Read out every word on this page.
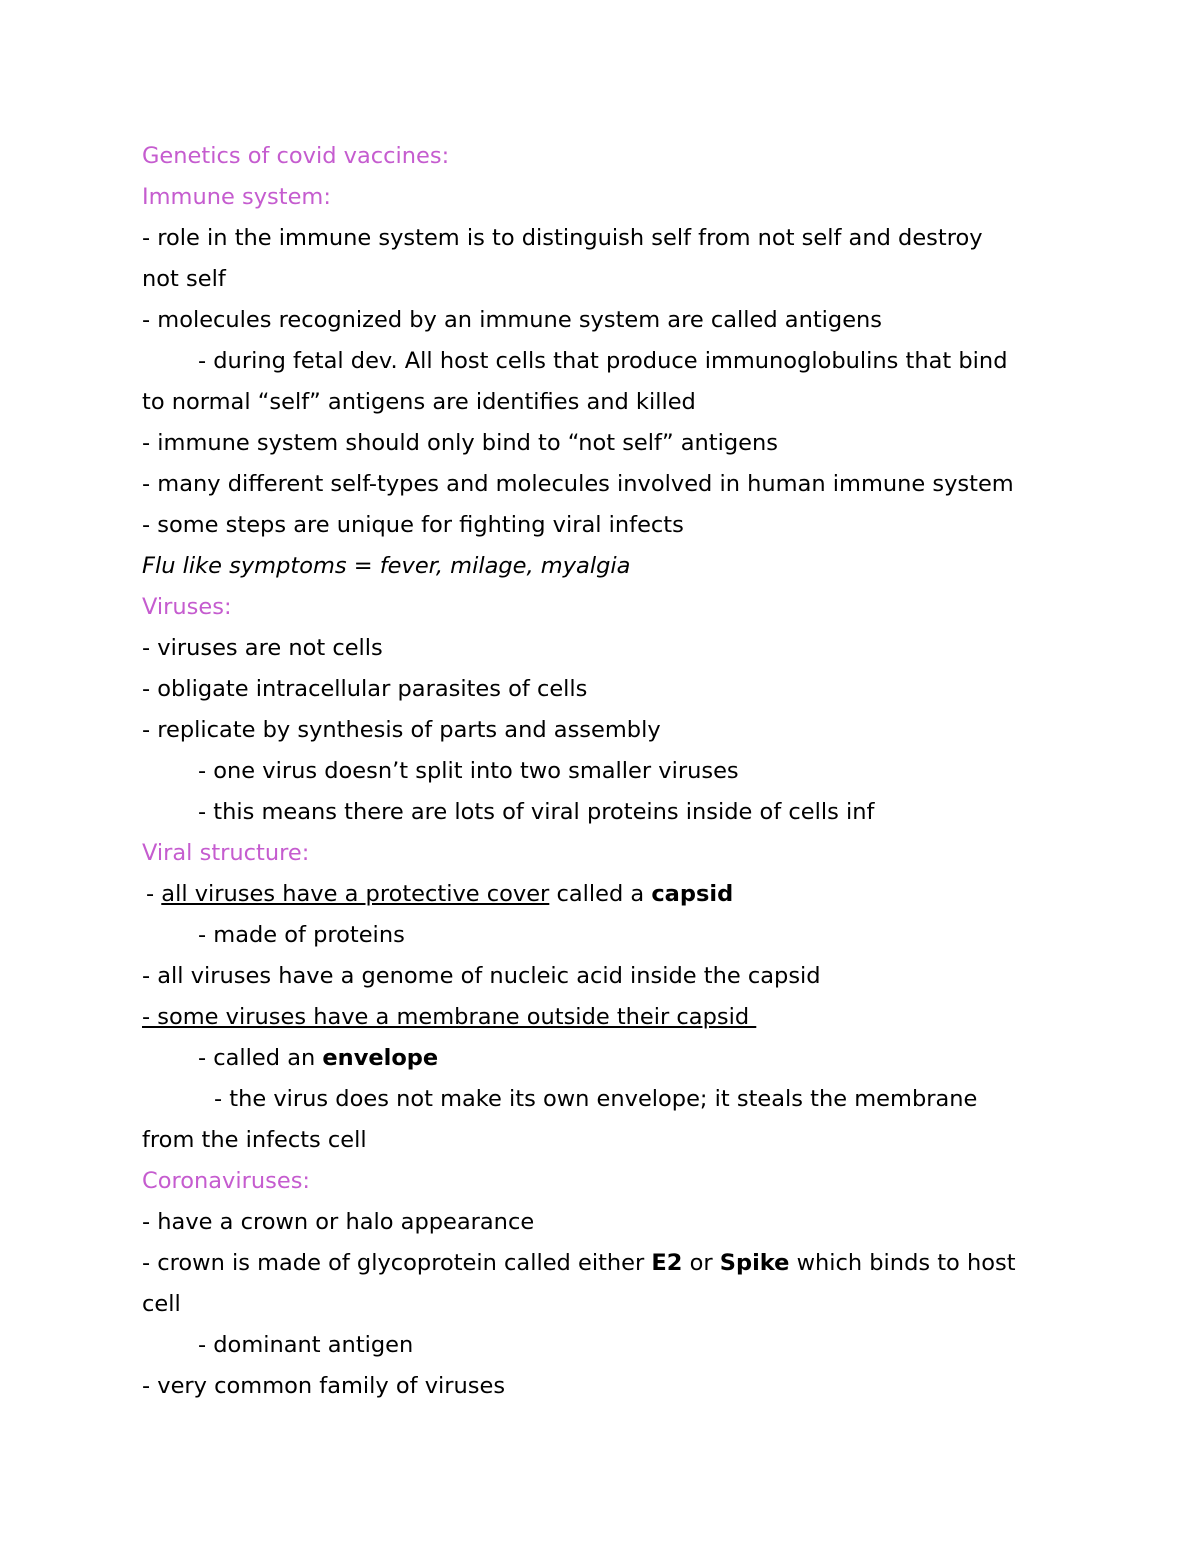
Genetics of covid vaccines:
Immune system:
- role in the immune system is to distinguish self from not self and destroy
not self
- molecules recognized by an immune system are called antigens
- during fetal dev. All host cells that produce immunoglobulins that bind
to normal “self” antigens are identifies and killed
- immune system should only bind to “not self” antigens
- many different self-types and molecules involved in human immune system
- some steps are unique for fighting viral infects
Flu like symptoms = fever, milage, myalgia
Viruses:
- viruses are not cells
- obligate intracellular parasites of cells
- replicate by synthesis of parts and assembly
- one virus doesn’t split into two smaller viruses
- this means there are lots of viral proteins inside of cells inf
Viral structure:
- all viruses have a protective cover called a capsid
- made of proteins
- all viruses have a genome of nucleic acid inside the capsid
- some viruses have a membrane outside their capsid
- called an envelope
- the virus does not make its own envelope; it steals the membrane
from the infects cell
Coronaviruses:
- have a crown or halo appearance
- crown is made of glycoprotein called either E2 or Spike which binds to host
cell
- dominant antigen
- very common family of viruses
